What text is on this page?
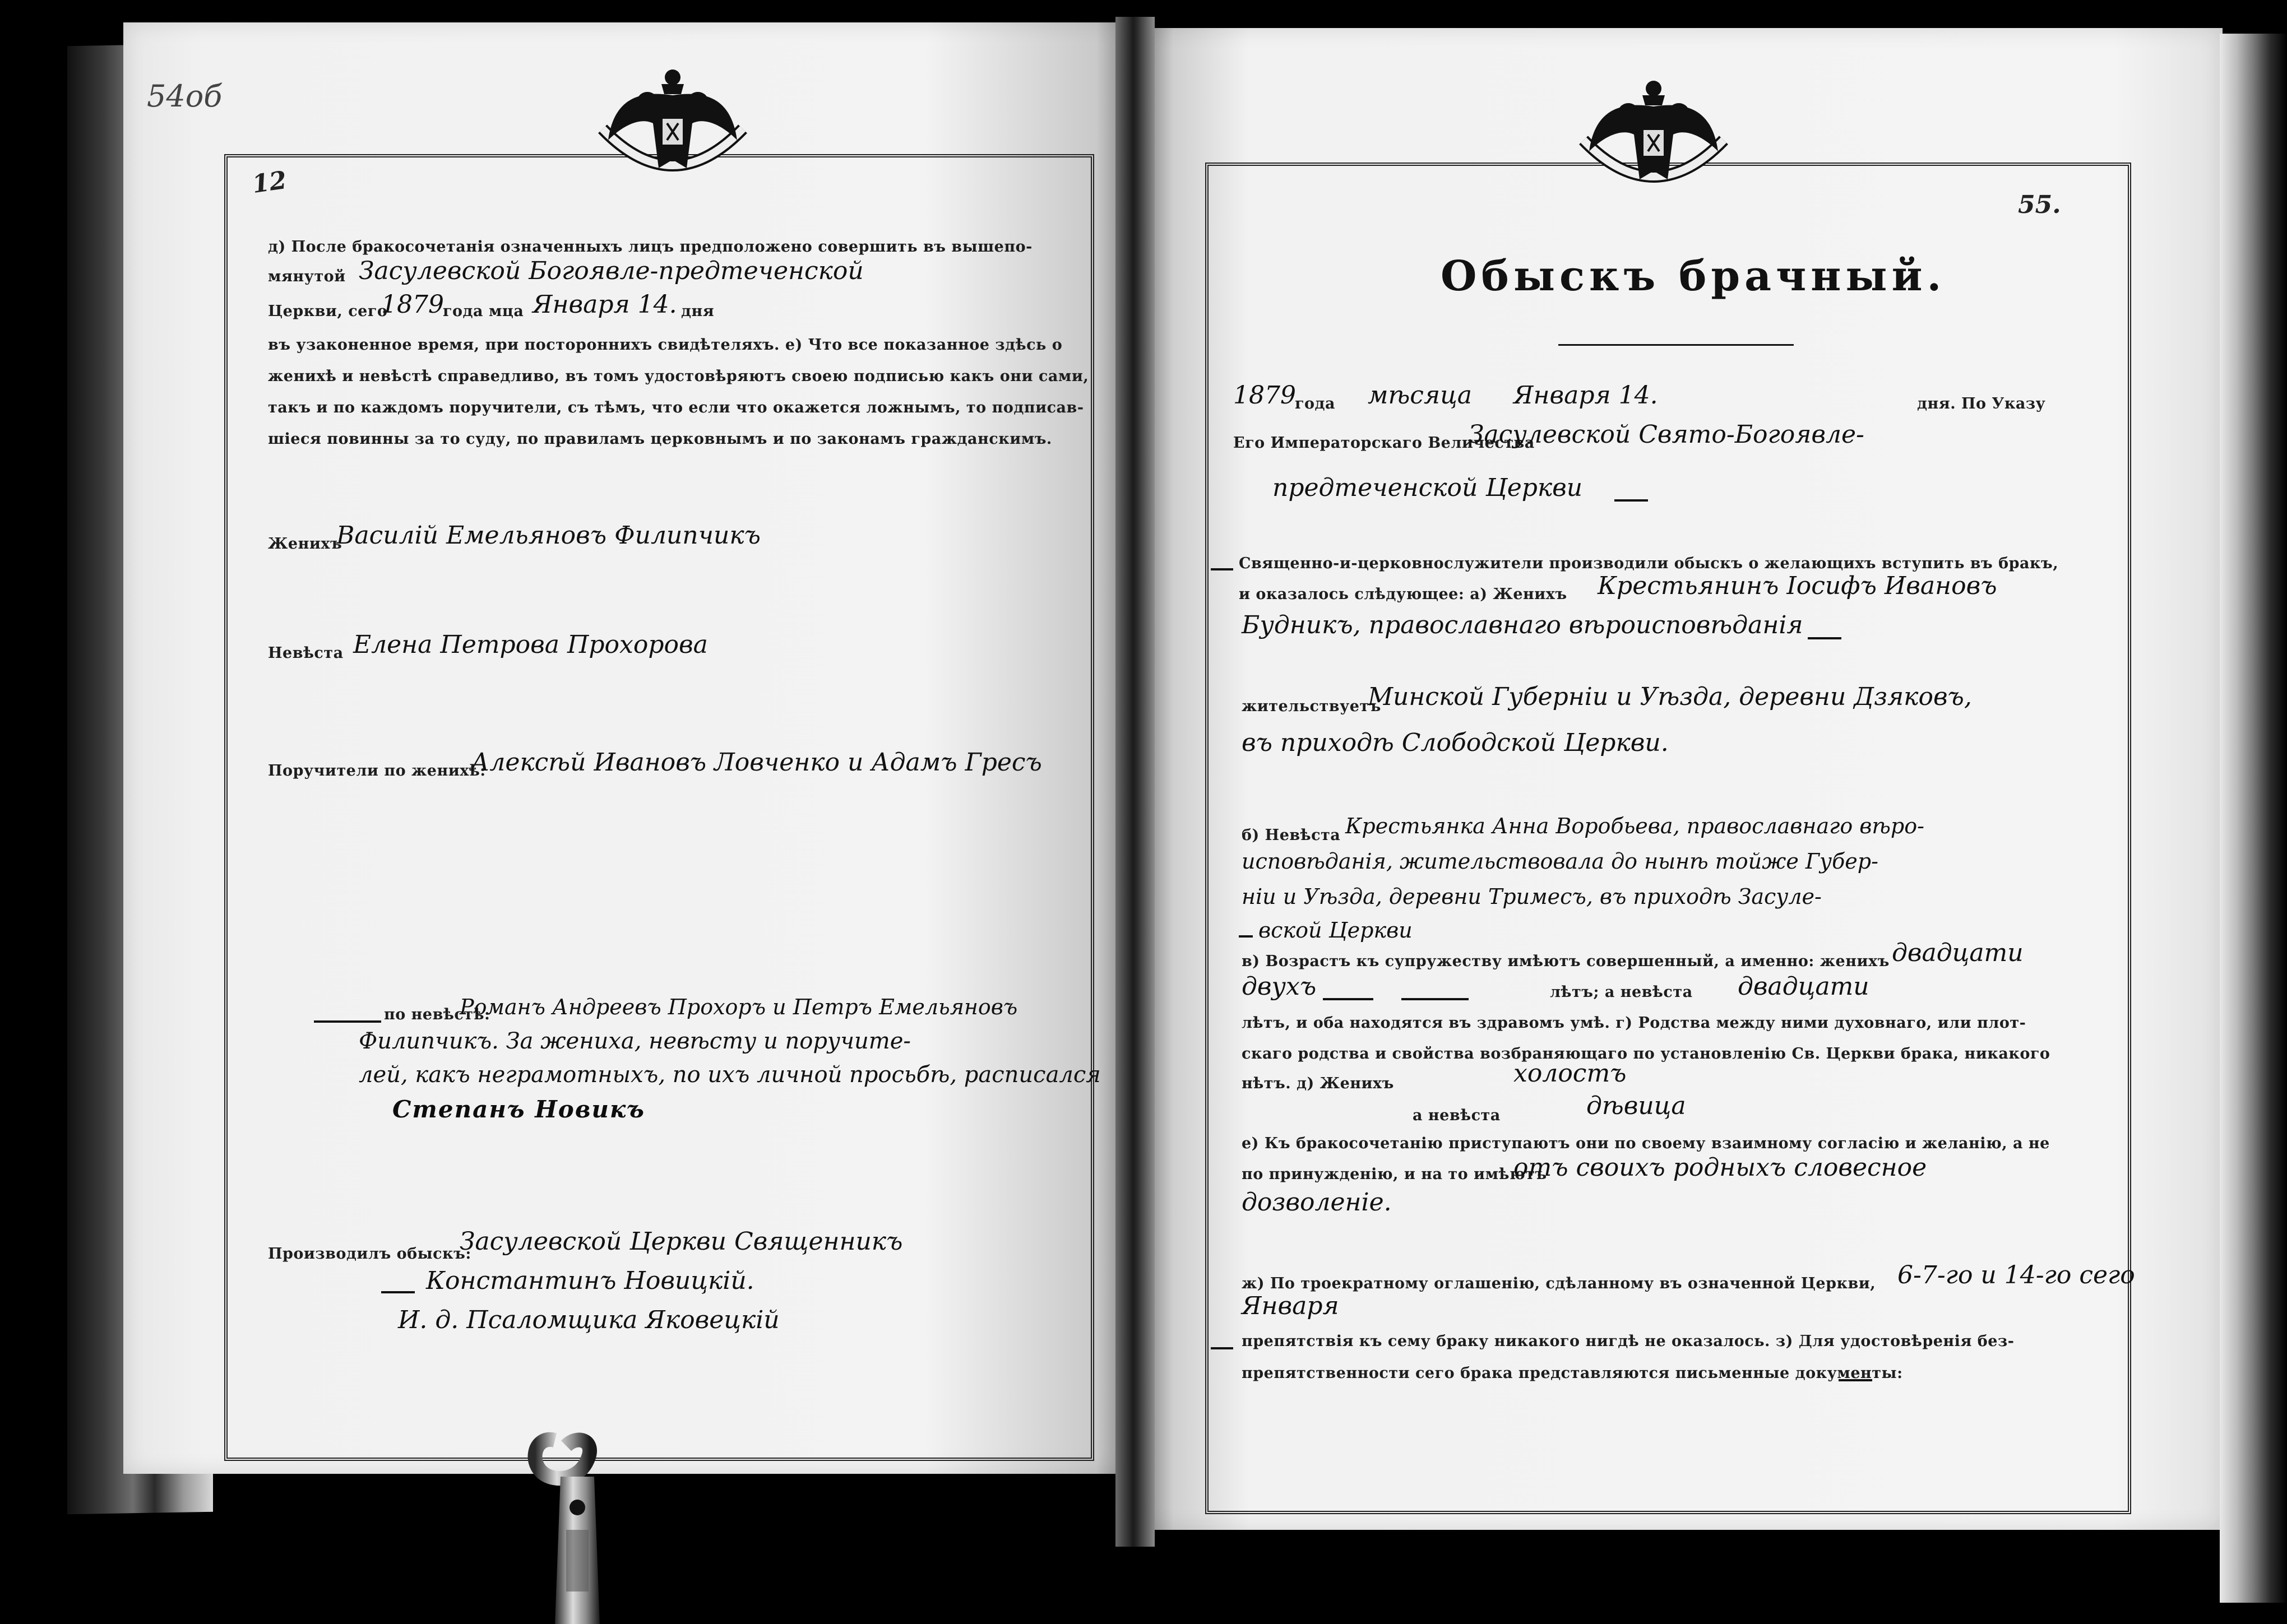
54об
12
д) После бракосочетанія означенныхъ лицъ предположено совершить въ вышепо-
мянутой Засулевской Богоявле-предтеченской
Церкви, сего
1879
года мца Января 14. дня
въ узаконенное время, при постороннихъ свидѣтеляхъ. е) Что все показанное здѣсь о
женихѣ и невѣстѣ справедливо, въ томъ удостовѣряютъ своею подписью какъ они сами,
такъ и по каждомъ поручители, съ тѣмъ, что если что окажется ложнымъ, то подписав-
шіеся повинны за то суду, по правиламъ церковнымъ и по законамъ гражданскимъ.
Женихъ
Василій Емельяновъ Филипчикъ
Невѣста Елена Петрова Прохорова
Поручители по женихѣ:
Алексѣй Ивановъ Ловченко и Адамъ Гресъ
по невѣстѣ:
Романъ Андреевъ Прохоръ и Петръ Емельяновъ
Филипчикъ. За жениха, невѣсту и поручите-
лей, какъ неграмотныхъ, по ихъ личной просьбѣ, расписался
Степанъ Новикъ
Производилъ обыскъ:
Засулевской Церкви Священникъ
Константинъ Новицкій.
И. д. Псаломщика Яковецкій
55.
Обыскъ брачный.
1879
года мѣсяца Января 14.	дня. По Указу
Его Императорскаго Величества
Засулевской Свято-Богоявле-
предтеченской Церкви
Священно-и-церковнослужители производили обыскъ о желающихъ вступить въ бракъ,
и оказалось слѣдующее: а) Женихъ Крестьянинъ Іосифъ Ивановъ
Будникъ, православнаго вѣроисповѣданія
жительствуетъ
Минской Губерніи и Уѣзда, деревни Дзяковъ,
въ приходѣ Слободской Церкви.
б) Невѣста Крестьянка Анна Воробьева, православнаго вѣро-
исповѣданія, жительствовала до нынѣ тойже Губер-
ніи и Уѣзда, деревни Тримесъ, въ приходѣ Засуле-
вской Церкви
в) Возрастъ къ супружеству имѣютъ совершенный, а именно: женихъ двадцати
двухъ	лѣтъ; а невѣста двадцати
лѣтъ, и оба находятся въ здравомъ умѣ. г) Родства между ними духовнаго, или плот-
скаго родства и свойства возбраняющаго по установленію Св. Церкви брака, никакого
нѣтъ. д) Женихъ	холостъ
а невѣста	дѣвица
е) Къ бракосочетанію приступаютъ они по своему взаимному согласію и желанію, а не
по принужденію, и на то имѣютъ
отъ своихъ родныхъ словесное
дозволеніе.
ж) По троекратному оглашенію, сдѣланному въ означенной Церкви, 6-7-го и 14-го сего
Января
препятствія къ сему браку никакого нигдѣ не оказалось. з) Для удостовѣренія без-
препятственности сего брака представляются письменные документы:
